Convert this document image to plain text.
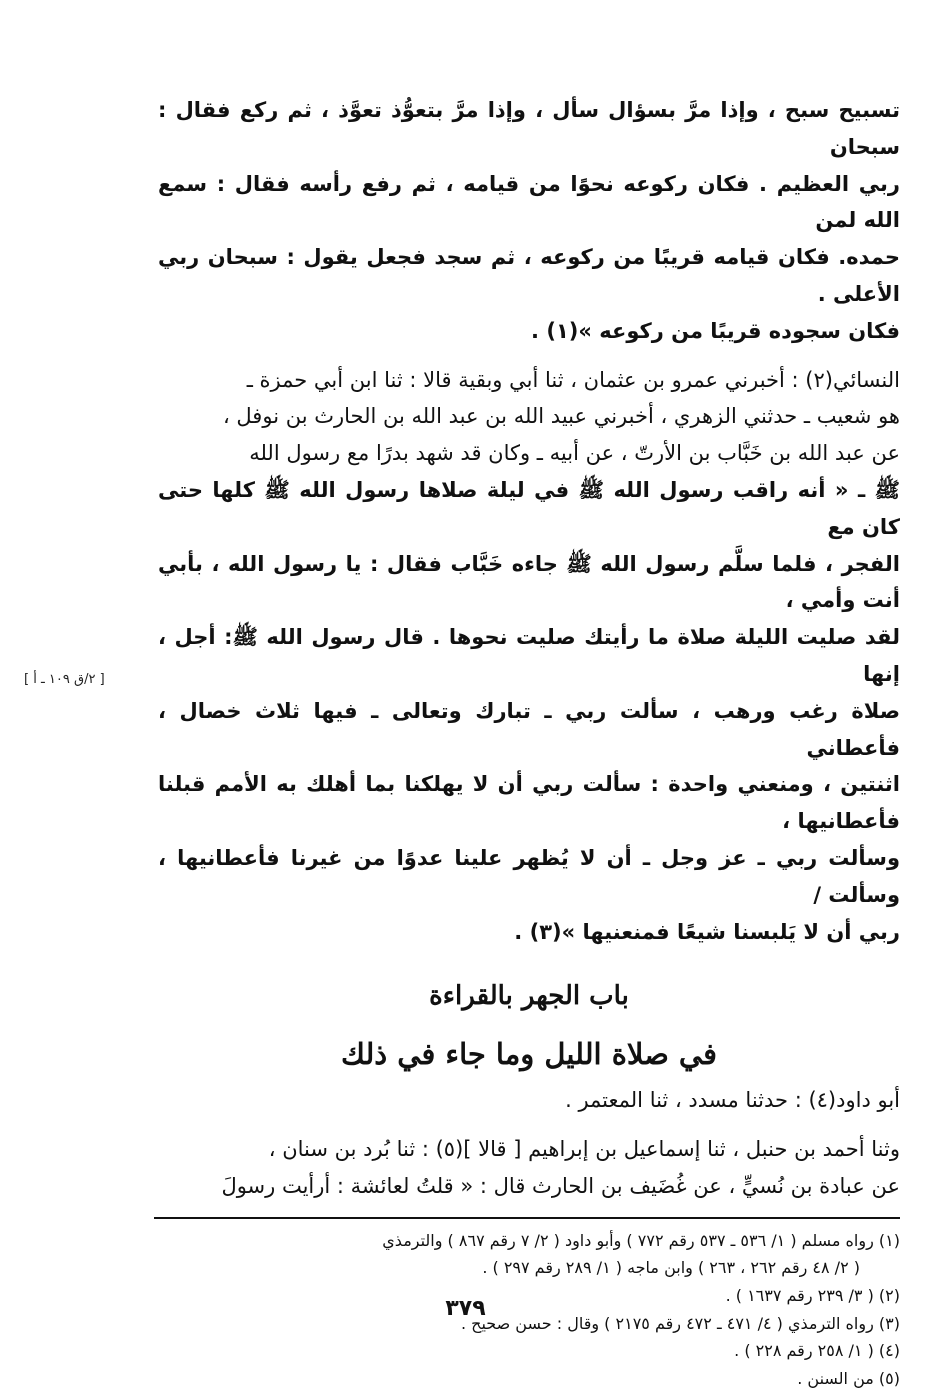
تسبيح سبح ، وإذا مرَّ بسؤال سأل ، وإذا مرَّ بتعوُّذ تعوَّذ ، ثم ركع فقال : سبحان

ربي العظيم . فكان ركوعه نحوًا من قيامه ، ثم رفع رأسه فقال : سمع الله لمن

حمده. فكان قيامه قريبًا من ركوعه ، ثم سجد فجعل يقول : سبحان ربي الأعلى .

فكان سجوده قريبًا من ركوعه »(١) .

النسائي(٢) : أخبرني عمرو بن عثمان ، ثنا أبي وبقية قالا : ثنا ابن أبي حمزة ـ

هو شعيب ـ حدثني الزهري ، أخبرني عبيد الله بن عبد الله بن الحارث بن نوفل ،

عن عبد الله بن خَبَّاب بن الأرتّ ، عن أبيه ـ وكان قد شهد بدرًا مع رسول الله

ﷺ ـ « أنه راقب رسول الله ﷺ في ليلة صلاها رسول الله ﷺ كلها حتى كان مع

الفجر ، فلما سلَّم رسول الله ﷺ جاءه خَبَّاب فقال : يا رسول الله ، بأبي أنت وأمي ،

لقد صليت الليلة صلاة ما رأيتك صليت نحوها . قال رسول الله ﷺ: أجل ، إنها

صلاة رغب ورهب ، سألت ربي ـ تبارك وتعالى ـ فيها ثلاث خصال ، فأعطاني

اثنتين ، ومنعني واحدة : سألت ربي أن لا يهلكنا بما أهلك به الأمم قبلنا فأعطانيها ،

وسألت ربي ـ عز وجل ـ أن لا يُظهر علينا عدوًا من غيرنا فأعطانيها ، وسألت /

ربي أن لا يَلبسنا شيعًا فمنعنيها »(٣) .

باب الجهر بالقراءة

في صلاة الليل وما جاء في ذلك

أبو داود(٤) : حدثنا مسدد ، ثنا المعتمر .

وثنا أحمد بن حنبل ، ثنا إسماعيل بن إبراهيم [ قالا ](٥) : ثنا بُرد بن سنان ،

عن عبادة بن نُسيٍّ ، عن غُضَيف بن الحارث قال : « قلتُ لعائشة : أرأيت رسولَ

(١) رواه مسلم ( ١/ ٥٣٦ ـ ٥٣٧ رقم ٧٧٢ ) وأبو داود ( ٢/ ٧ رقم ٨٦٧ ) والترمذي

( ٢/ ٤٨ رقم ٢٦٢ ، ٢٦٣ ) وابن ماجه ( ١/ ٢٨٩ رقم ٢٩٧ ) .

(٢) ( ٣/ ٢٣٩ رقم ١٦٣٧ ) .

(٣) رواه الترمذي ( ٤/ ٤٧١ ـ ٤٧٢ رقم ٢١٧٥ ) وقال : حسن صحيح .

(٤) ( ١/ ٢٥٨ رقم ٢٢٨ ) .

(٥) من السنن .

[ ٢/ق ١٠٩ ـ أ ]
٣٧٩
